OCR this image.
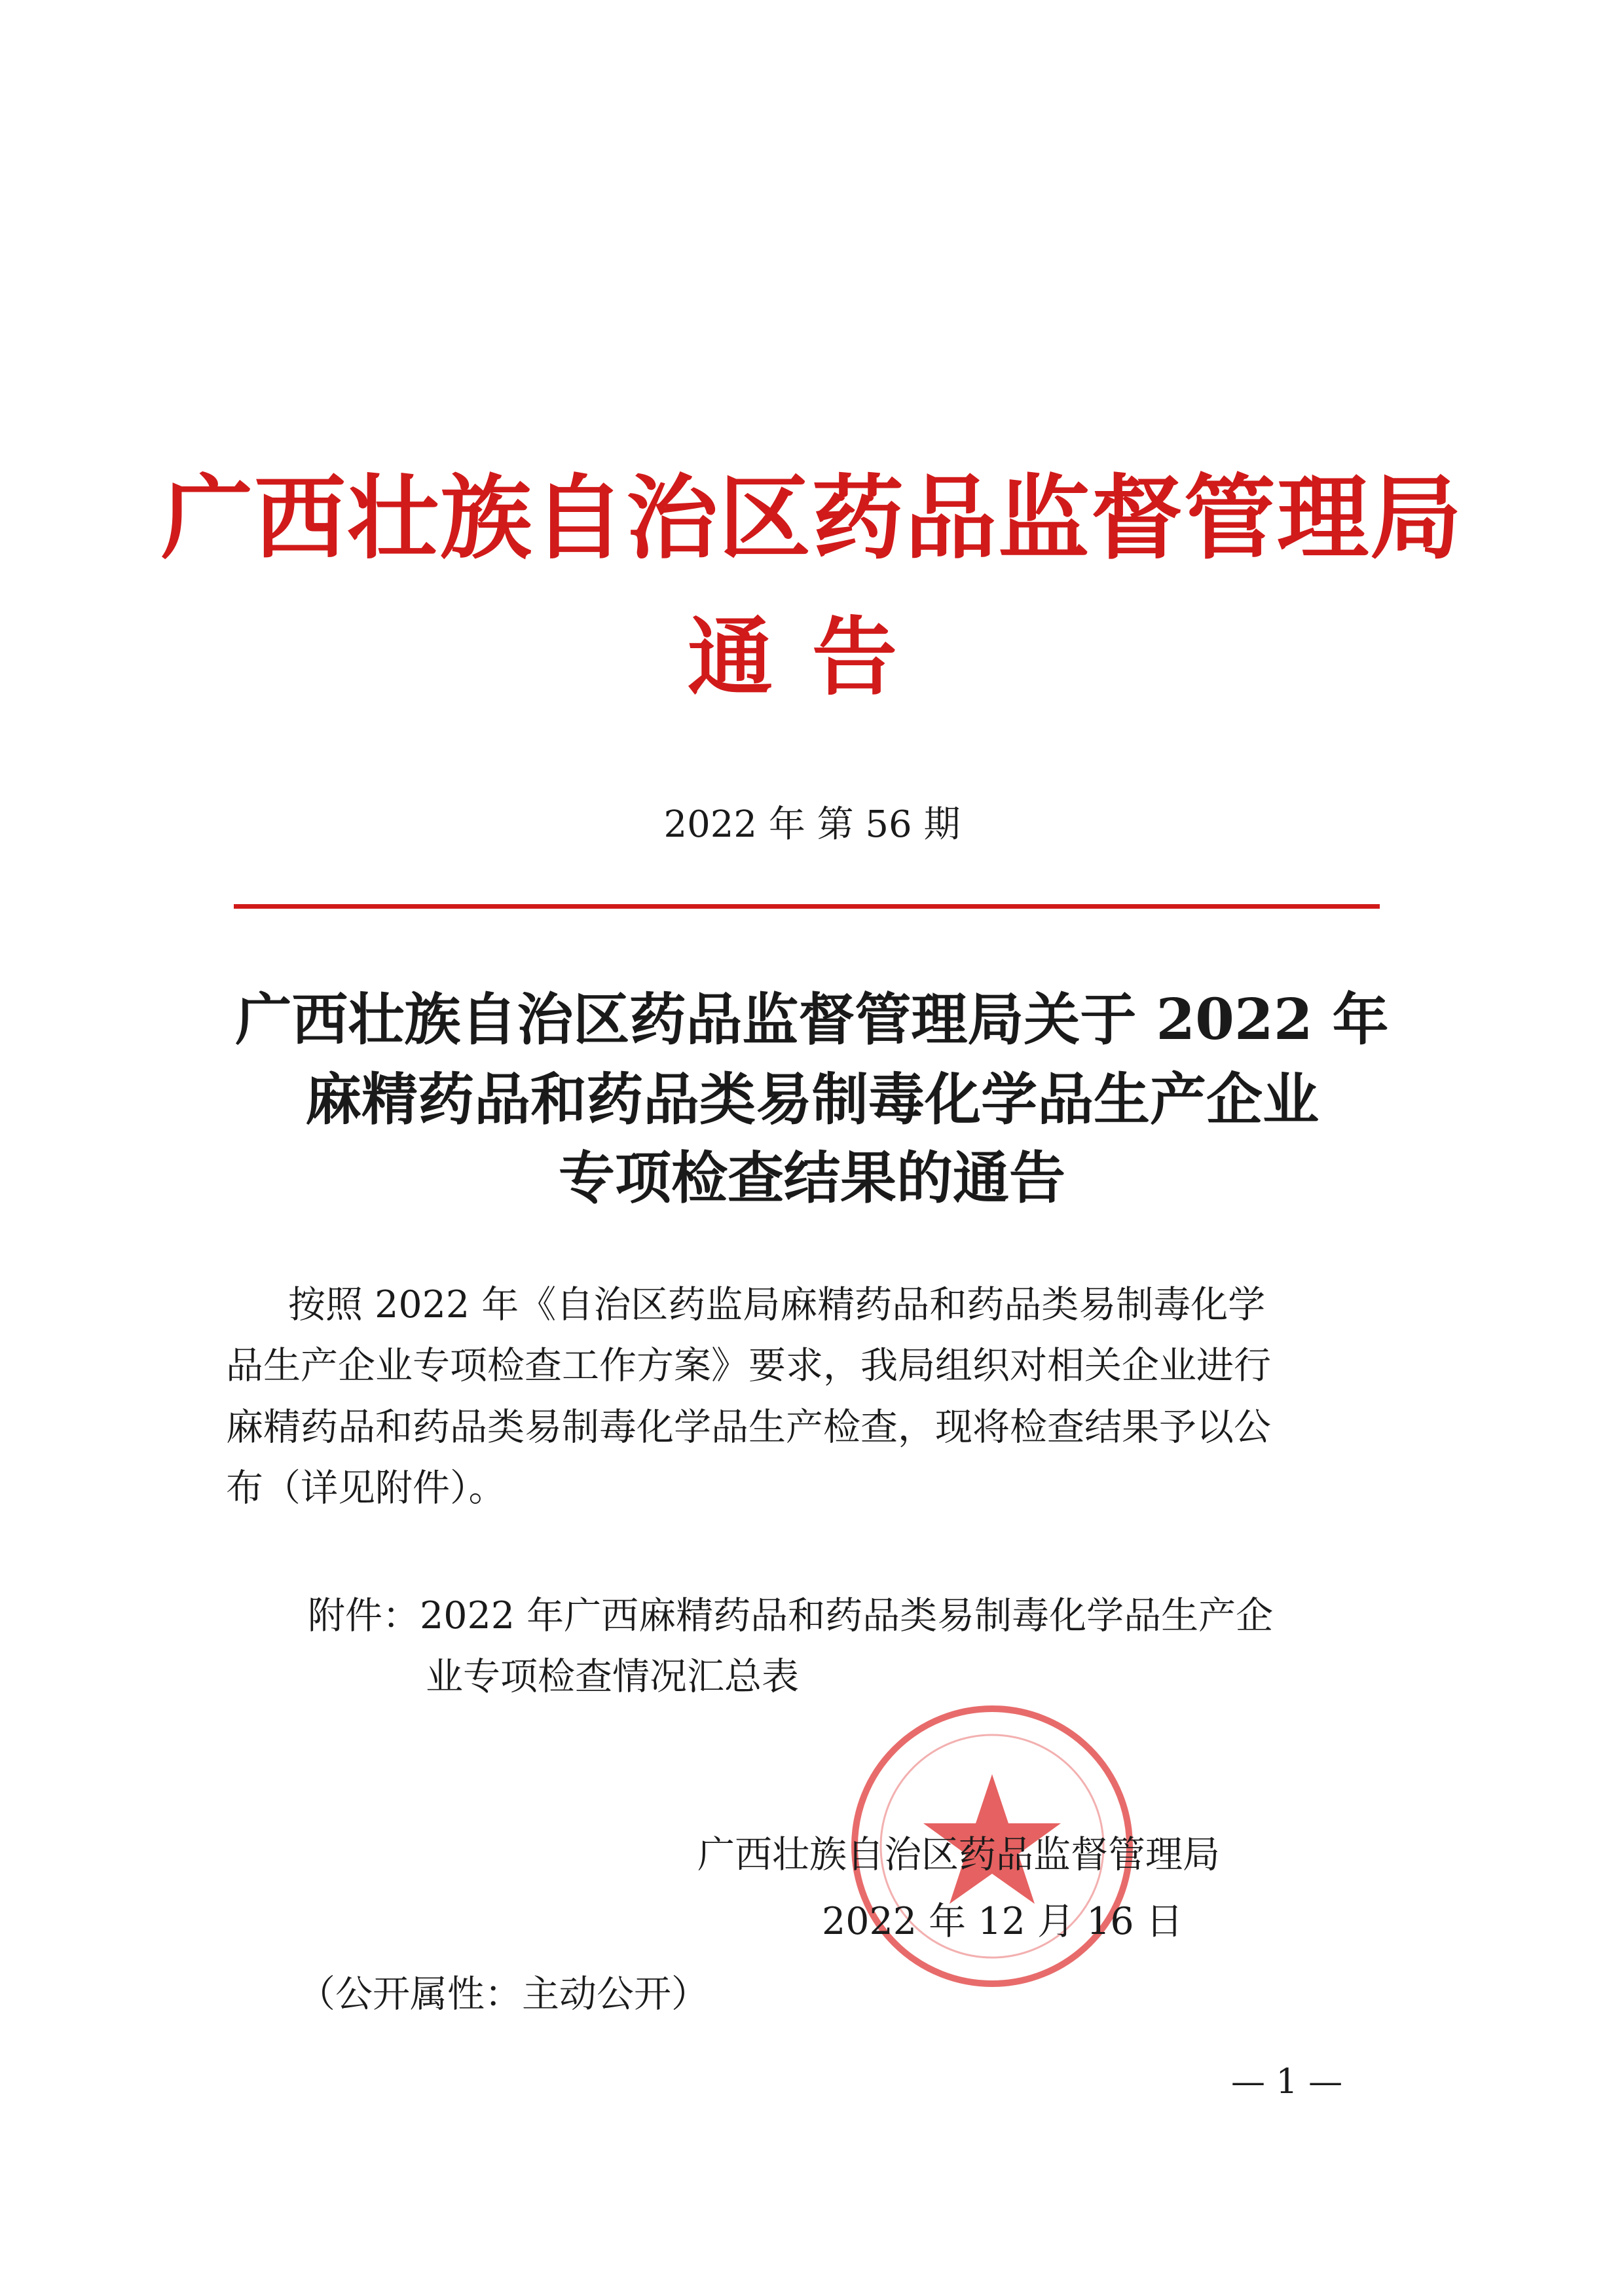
广西壮族自治区药品监督管理局
通告
2022 年 第 56 期
广西壮族自治区药品监督管理局关于 2022 年
麻精药品和药品类易制毒化学品生产企业
专项检查结果的通告
按照 2022 年《自治区药监局麻精药品和药品类易制毒化学
品生产企业专项检查工作方案》要求，我局组织对相关企业进行
麻精药品和药品类易制毒化学品生产检查，现将检查结果予以公
布（详见附件）。
附件：2022 年广西麻精药品和药品类易制毒化学品生产企
业专项检查情况汇总表
广西壮族自治区药品监督管理局
2022 年 12 月 16 日
（公开属性：主动公开）
— 1 —
